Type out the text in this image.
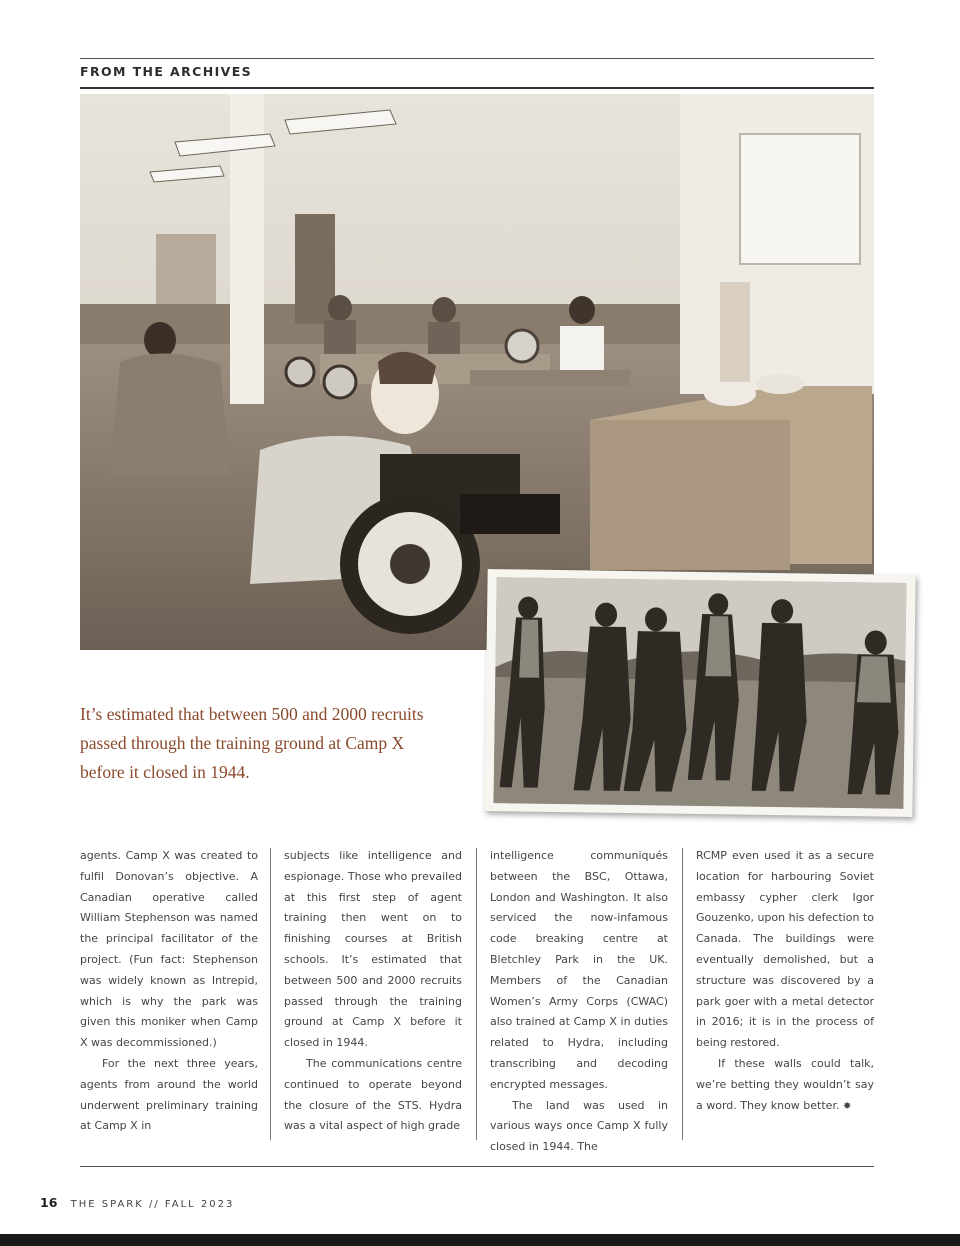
FROM THE ARCHIVES
It’s estimated that between 500 and 2000 recruits passed through the training ground at Camp X before it closed in 1944.

agents. Camp X was created to fulfil Donovan’s objective. A Canadian operative called William Stephenson was named the principal facilitator of the project. (Fun fact: Stephenson was widely known as Intrepid, which is why the park was given this moniker when Camp X was decommissioned.)

For the next three years, agents from around the world underwent preliminary training at Camp X in

subjects like intelligence and espionage. Those who prevailed at this first step of agent training then went on to finishing courses at British schools. It’s estimated that between 500 and 2000 recruits passed through the training ground at Camp X before it closed in 1944.

The communications centre continued to operate beyond the closure of the STS. Hydra was a vital aspect of high grade

intelligence communiqués between the BSC, Ottawa, London and Washington. It also serviced the now-infamous code breaking centre at Bletchley Park in the UK. Members of the Canadian Women’s Army Corps (CWAC) also trained at Camp X in duties related to Hydra, including transcribing and decoding encrypted messages.

The land was used in various ways once Camp X fully closed in 1944. The

RCMP even used it as a secure location for harbouring Soviet embassy cypher clerk Igor Gouzenko, upon his defection to Canada. The buildings were eventually demolished, but a structure was discovered by a park goer with a metal detector in 2016; it is in the process of being restored.

If these walls could talk, we’re betting they wouldn’t say a word. They know better. ✸

16 THE SPARK // FALL 2023
